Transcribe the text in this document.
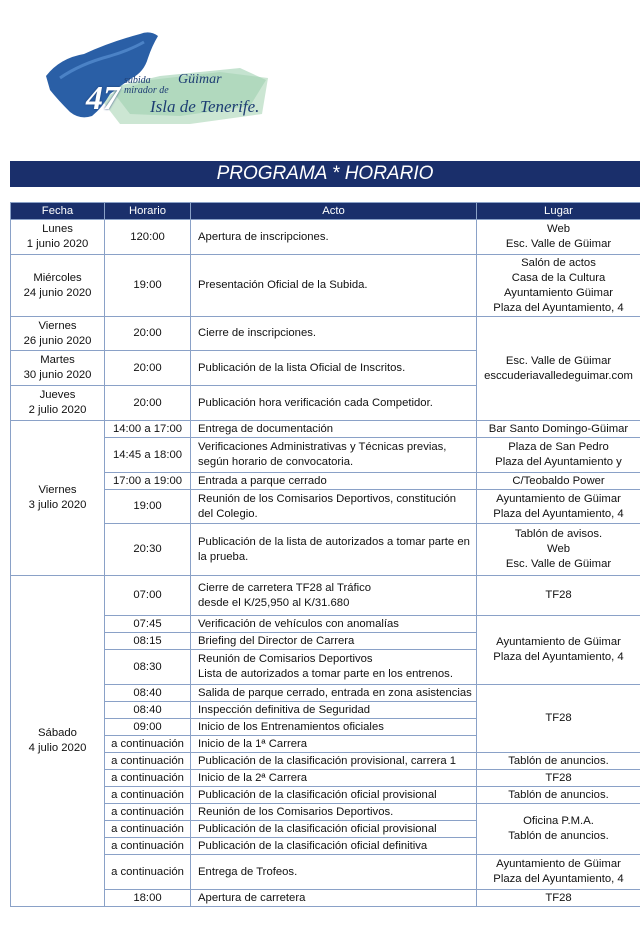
47 subida
mirador de
Güimar
Isla de Tenerife.
PROGRAMA * HORARIO
Fecha	Horario	Acto	Lugar

Lunes
1 junio 2020	120:00	Apertura de inscripciones.	Web
Esc. Valle de Güimar

Miércoles
24 junio 2020	19:00	Presentación Oficial de la Subida.	Salón de actos
Casa de la Cultura
Ayuntamiento Güimar
Plaza del Ayuntamiento, 4

Viernes
26 junio 2020	20:00	Cierre de inscripciones.	Esc. Valle de Güimar
esccuderiavalledeguimar.com

Martes
30 junio 2020	20:00	Publicación de la lista Oficial de Inscritos.	

Jueves
2 julio 2020	20:00	Publicación hora verificación cada Competidor.	

Viernes
3 julio 2020	14:00 a 17:00	Entrega de documentación	Bar Santo Domingo-Güimar

	14:45 a 18:00	Verificaciones Administrativas y Técnicas previas,
según horario de convocatoria.	Plaza de San Pedro
Plaza del Ayuntamiento y

	17:00 a 19:00	Entrada a parque cerrado	C/Teobaldo Power

	19:00	Reunión de los Comisarios Deportivos, constitución
del Colegio.	Ayuntamiento de Güimar
Plaza del Ayuntamiento, 4

	20:30	Publicación de la lista de autorizados a tomar parte en
la prueba.	Tablón de avisos.
Web
Esc. Valle de Güimar

Sábado
4 julio 2020	07:00	Cierre de carretera TF28 al Tráfico
desde el K/25,950 al K/31.680	TF28

	07:45	Verificación de vehículos con anomalías	Ayuntamiento de Güimar
Plaza del Ayuntamiento, 4

	08:15	Briefing del Director de Carrera	

	08:30	Reunión de Comisarios Deportivos
Lista de autorizados a tomar parte en los entrenos.	

	08:40	Salida de parque cerrado, entrada en zona asistencias	TF28

	08:40	Inspección definitiva de Seguridad	

	09:00	Inicio de los Entrenamientos oficiales	

	a continuación	Inicio de la 1ª Carrera	

	a continuación	Publicación de la clasificación provisional, carrera 1	Tablón de anuncios.

	a continuación	Inicio de la 2ª Carrera	TF28

	a continuación	Publicación de la clasificación oficial provisional	Tablón de anuncios.

	a continuación	Reunión de los Comisarios Deportivos.	Oficina P.M.A.
Tablón de anuncios.

	a continuación	Publicación de la clasificación oficial provisional	

	a continuación	Publicación de la clasificación oficial definitiva	

	a continuación	Entrega de Trofeos.	Ayuntamiento de Güimar
Plaza del Ayuntamiento, 4

	18:00	Apertura de carretera	TF28
